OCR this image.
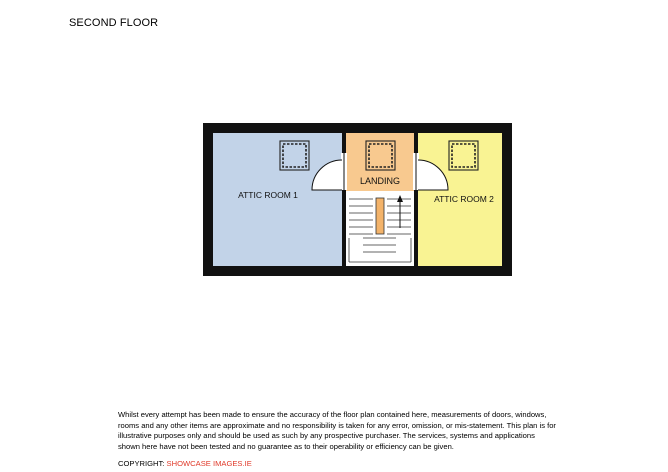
SECOND FLOOR
ATTIC ROOM 1
LANDING
ATTIC ROOM 2
Whilst every attempt has been made to ensure the accuracy of the floor plan contained here, measurements of doors, windows, rooms and any other items are approximate and no responsibility is taken for any error, omission, or mis-statement. This plan is for illustrative purposes only and should be used as such by any prospective purchaser. The services, systems and applications shown here have not been tested and no guarantee as to their operability or efficiency can be given.
COPYRIGHT: SHOWCASE IMAGES.IE
